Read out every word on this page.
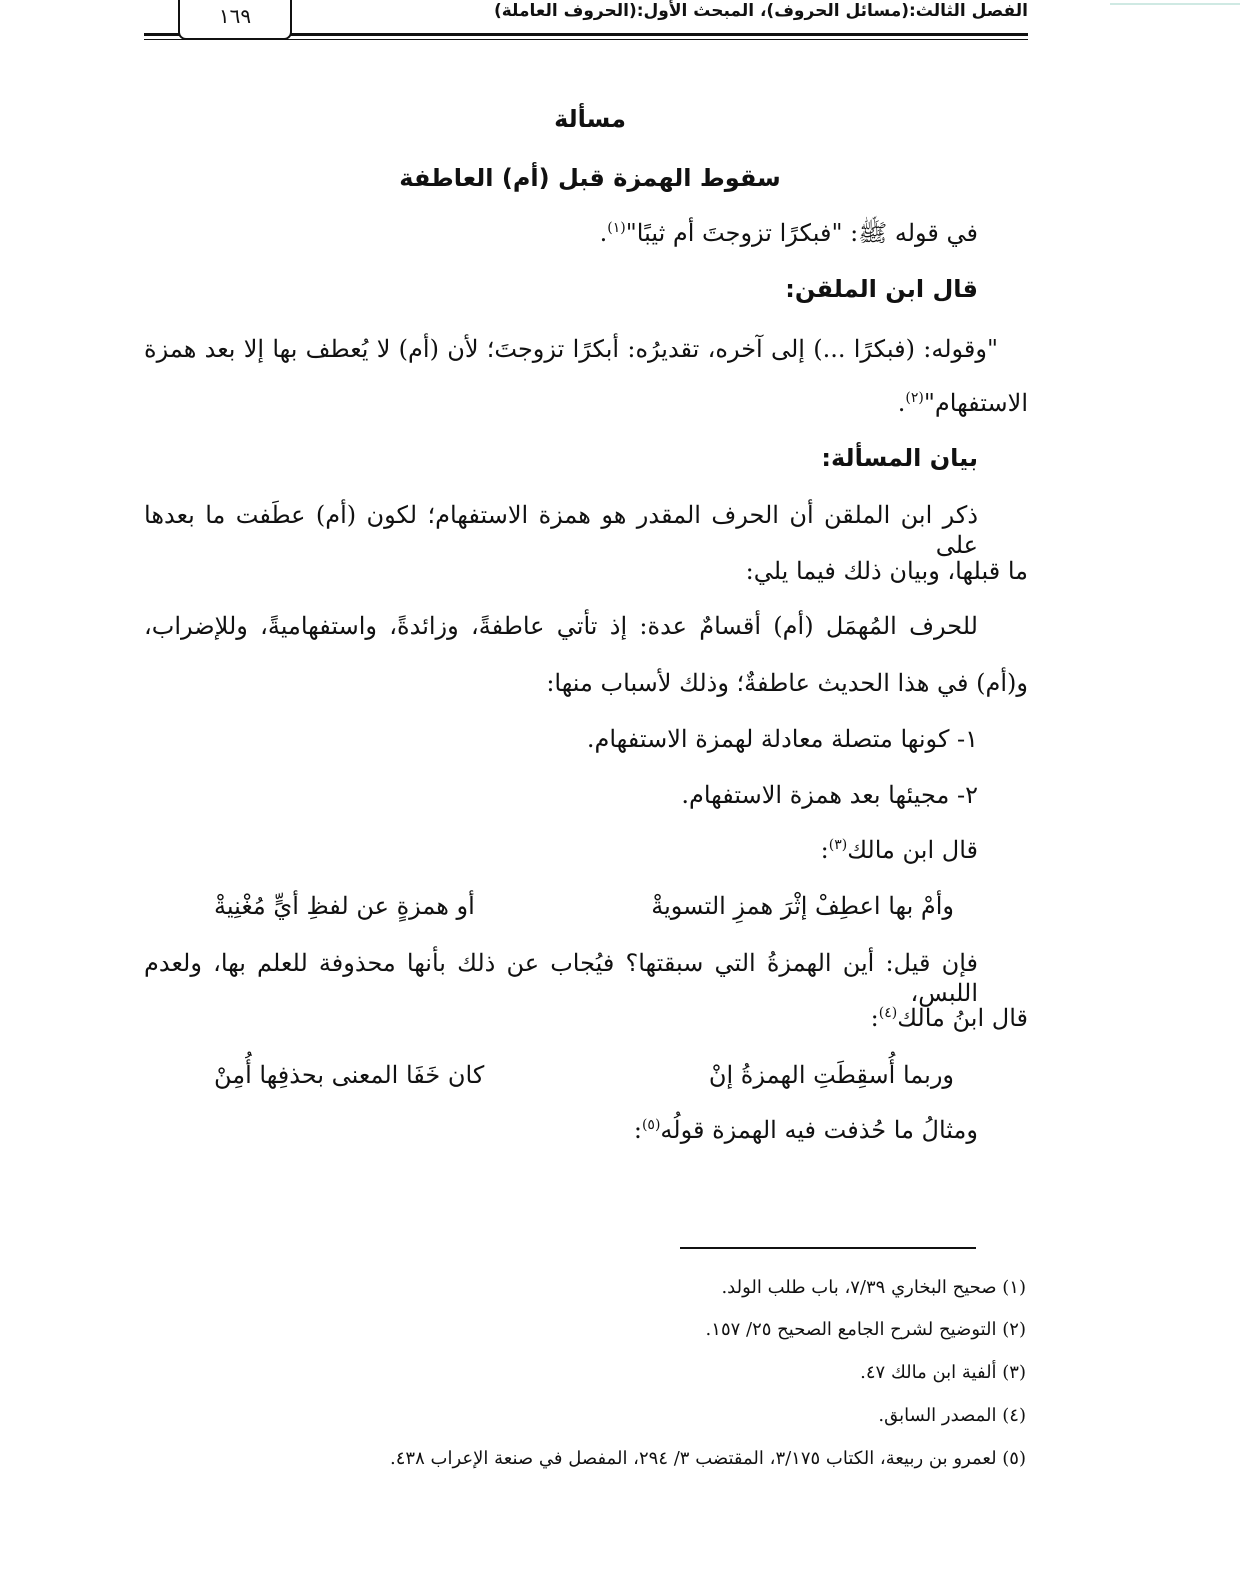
الفصل الثالث:(مسائل الحروف)، المبحث الأول:(الحروف العاملة)
١٦٩
مسألة
سقوط الهمزة قبل (أم) العاطفة
في قوله ﷺ: "فبكرًا تزوجتَ أم ثيبًا"$^{(١)}$.
قال ابن الملقن:
"وقوله: (فبكرًا ...) إلى آخره، تقديرُه: أبكرًا تزوجتَ؛ لأن (أم) لا يُعطف بها إلا بعد همزة
الاستفهام"$^{(٢)}$.
بيان المسألة:
ذكر ابن الملقن أن الحرف المقدر هو همزة الاستفهام؛ لكون (أم) عطَفت ما بعدها على
ما قبلها، وبيان ذلك فيما يلي:
للحرف المُهمَل (أم) أقسامٌ عدة: إذ تأتي عاطفةً، وزائدةً، واستفهاميةً، وللإضراب،
و(أم) في هذا الحديث عاطفةٌ؛ وذلك لأسباب منها:
١- كونها متصلة معادلة لهمزة الاستفهام.
٢- مجيئها بعد همزة الاستفهام.
قال ابن مالك$^{(٣)}$:
وأمْ بها اعطِفْ إثْرَ همزِ التسويةْ
أو همزةٍ عن لفظِ أيٍّ مُغْنِيةْ
فإن قيل: أين الهمزةُ التي سبقتها؟ فيُجاب عن ذلك بأنها محذوفة للعلم بها، ولعدم اللبس،
قال ابنُ مالك$^{(٤)}$:
وربما أُسقِطَتِ الهمزةُ إنْ
كان خَفَا المعنى بحذفِها أُمِنْ
ومثالُ ما حُذفت فيه الهمزة قولُه$^{(٥)}$:
(١) صحيح البخاري ٧/٣٩، باب طلب الولد.
(٢) التوضيح لشرح الجامع الصحيح ٢٥/ ١٥٧.
(٣) ألفية ابن مالك ٤٧.
(٤) المصدر السابق.
(٥) لعمرو بن ربيعة، الكتاب ٣/١٧٥، المقتضب ٣/ ٢٩٤، المفصل في صنعة الإعراب ٤٣٨.
